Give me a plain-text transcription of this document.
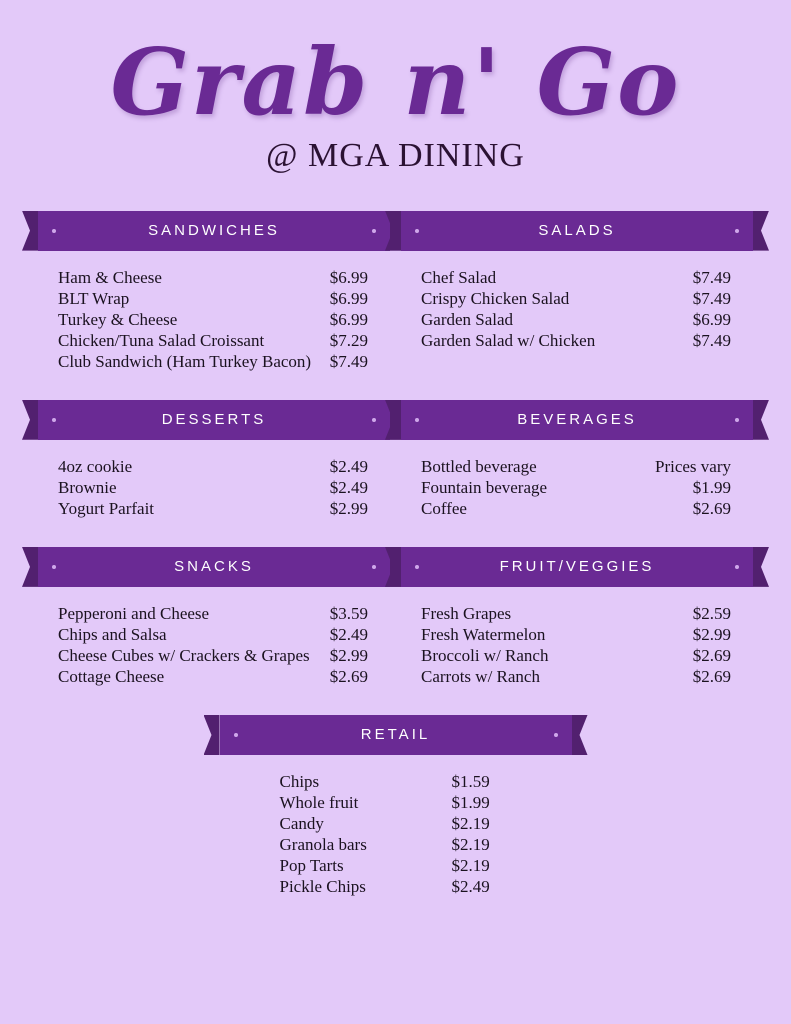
Grab n' Go
@ MGA DINING
SANDWICHES
Ham & Cheese	$6.99
BLT Wrap	$6.99
Turkey & Cheese	$6.99
Chicken/Tuna Salad Croissant	$7.29
Club Sandwich (Ham Turkey Bacon) $7.49
SALADS
Chef Salad	$7.49
Crispy Chicken Salad	$7.49
Garden Salad	$6.99
Garden Salad w/ Chicken	$7.49
DESSERTS
4oz cookie	$2.49
Brownie	$2.49
Yogurt Parfait	$2.99
BEVERAGES
Bottled beverage	Prices vary
Fountain beverage	$1.99
Coffee	$2.69
SNACKS
Pepperoni and Cheese	$3.59
Chips and Salsa	$2.49
Cheese Cubes w/ Crackers & Grapes $2.99
Cottage Cheese	$2.69
FRUIT/VEGGIES
Fresh Grapes	$2.59
Fresh Watermelon	$2.99
Broccoli w/ Ranch	$2.69
Carrots w/ Ranch	$2.69
RETAIL
Chips	$1.59
Whole fruit	$1.99
Candy	$2.19
Granola bars	$2.19
Pop Tarts	$2.19
Pickle Chips	$2.49
